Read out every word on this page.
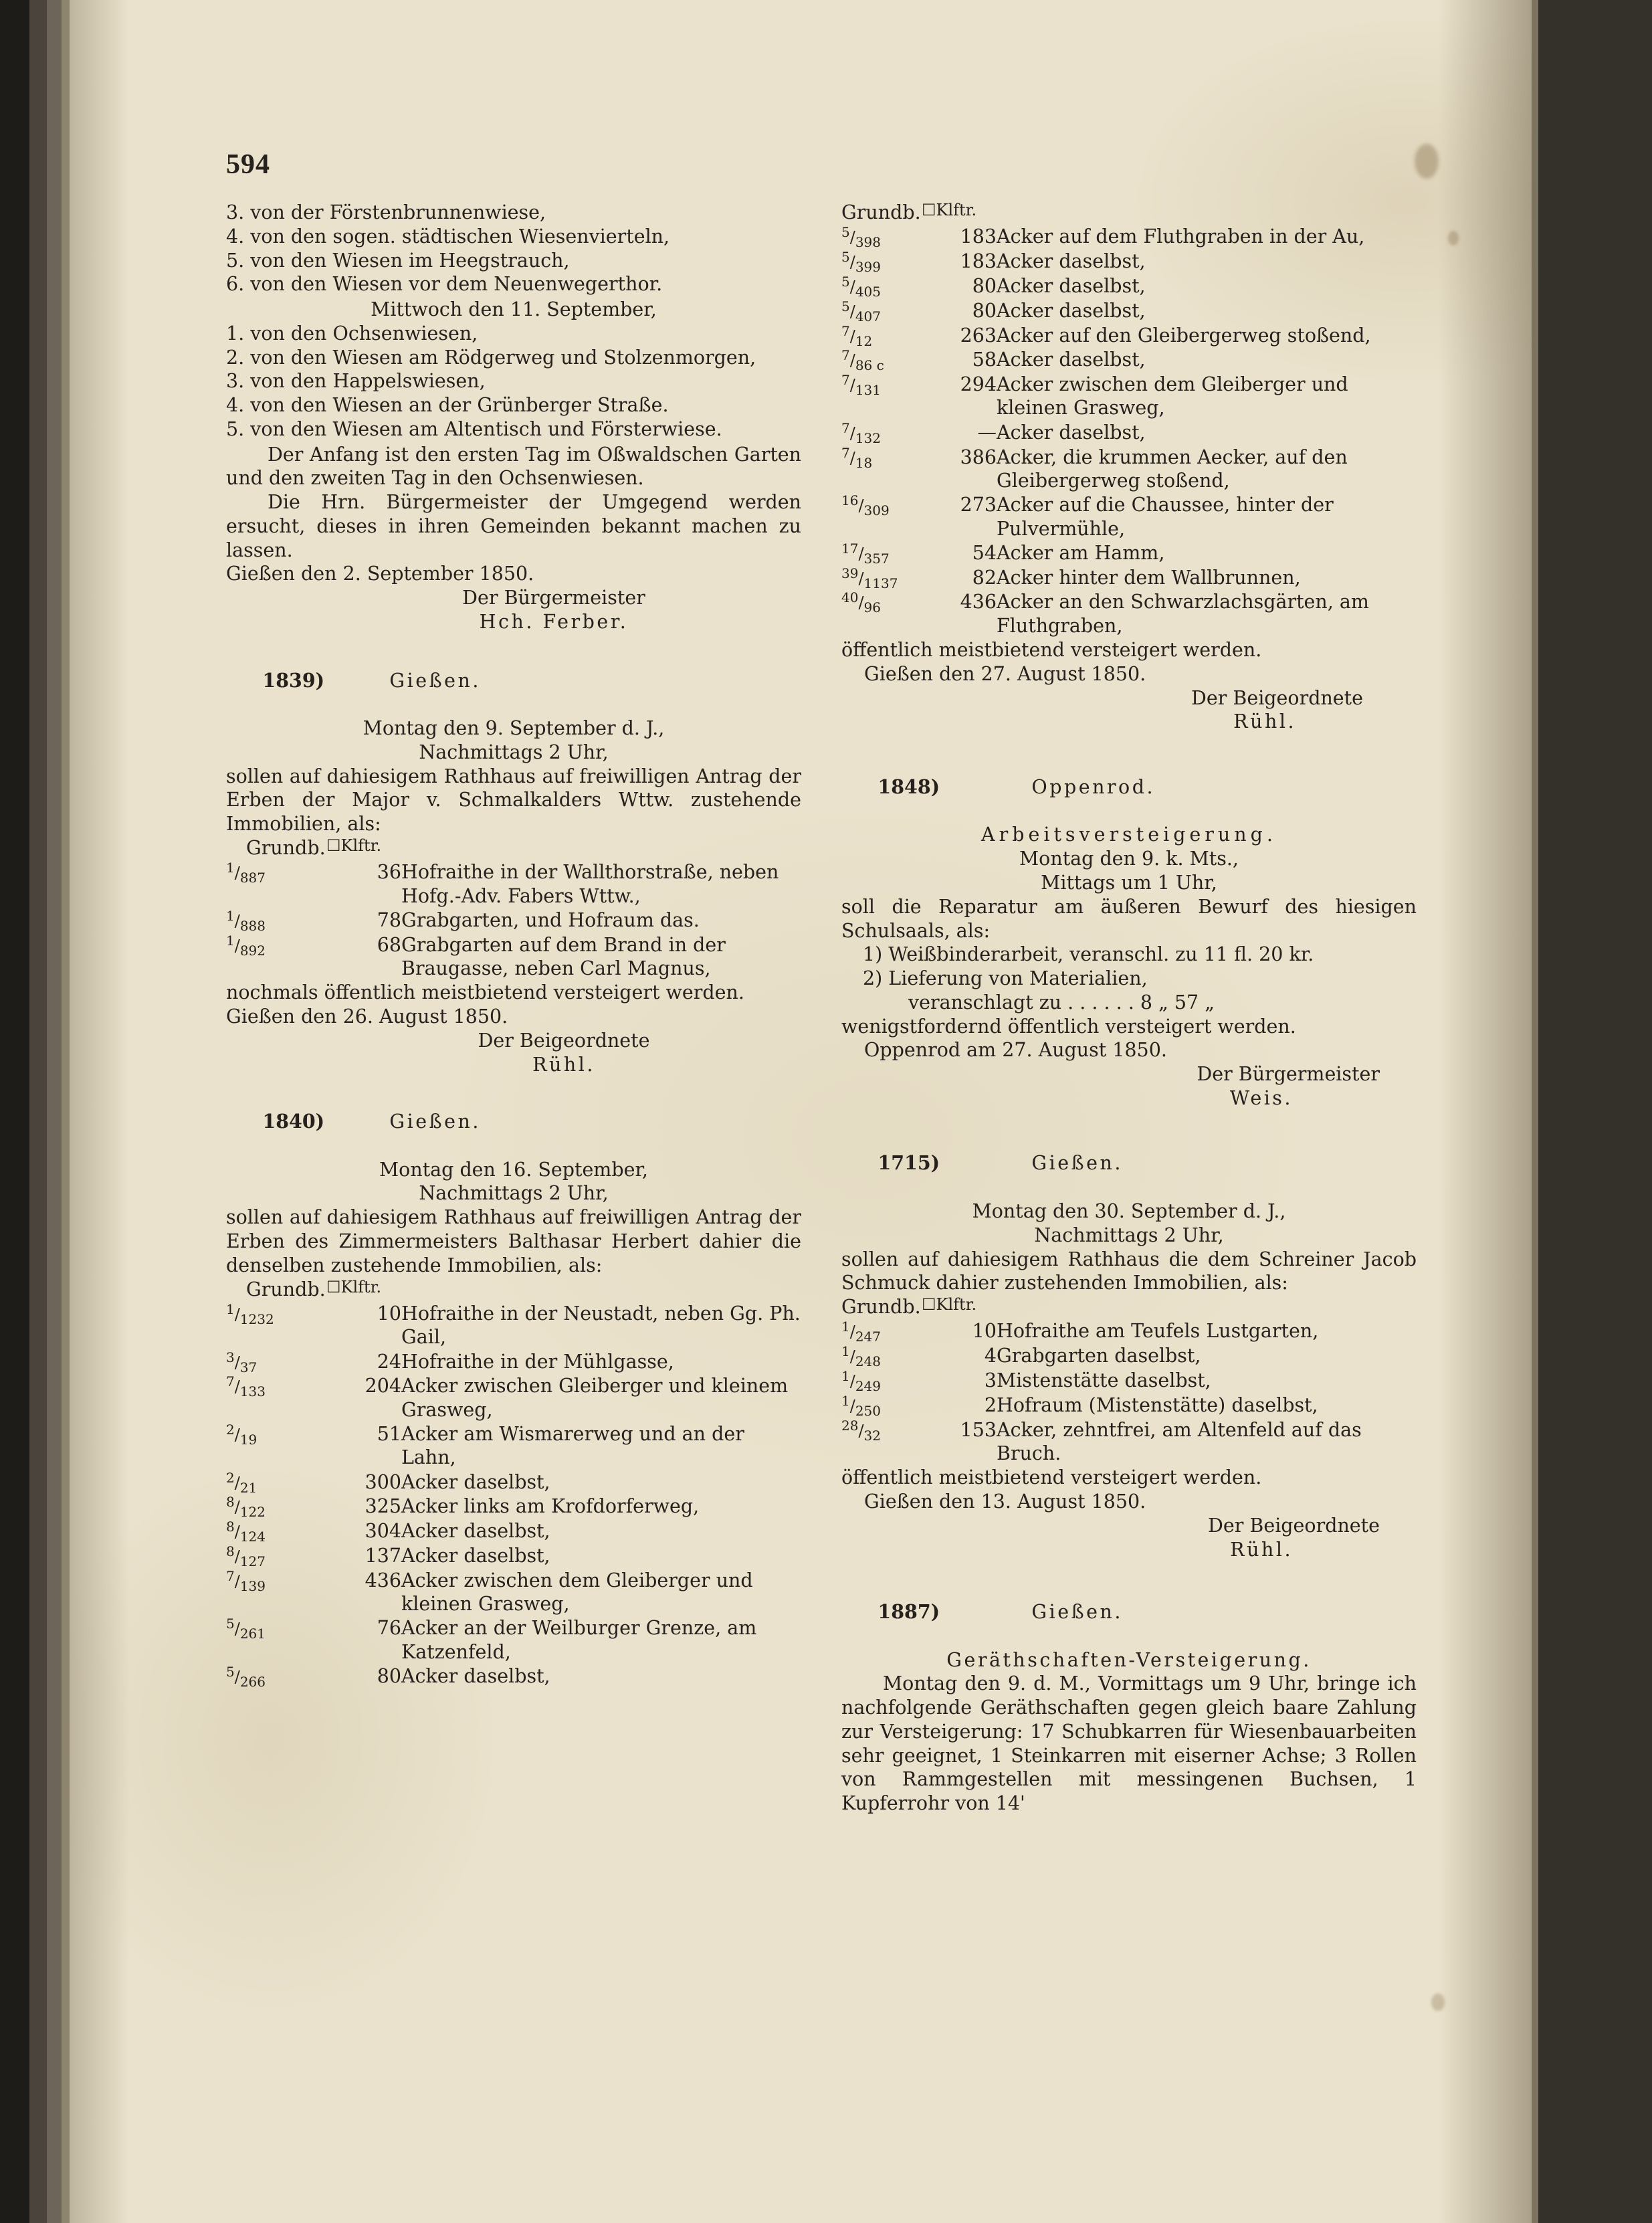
594
3. von der Förstenbrunnenwiese,
4. von den sogen. städtischen Wiesenvierteln,
5. von den Wiesen im Heegstrauch,
6. von den Wiesen vor dem Neuenwegerthor.
Mittwoch den 11. September,
1. von den Ochsenwiesen,
2. von den Wiesen am Rödgerweg und Stolzenmorgen,
3. von den Happelswiesen,
4. von den Wiesen an der Grünberger Straße.
5. von den Wiesen am Altentisch und Försterwiese.
Der Anfang ist den ersten Tag im Oßwaldschen Garten und den zweiten Tag in den Ochsenwiesen.
Die Hrn. Bürgermeister der Umgegend werden ersucht, dieses in ihren Gemeinden bekannt machen zu lassen.
Gießen den 2. September 1850.
Der Bürgermeister
Hch. Ferber.

1839)	Gießen.

Montag den 9. September d. J.,
Nachmittags 2 Uhr,
sollen auf dahiesigem Rathhaus auf freiwilligen Antrag der Erben der Major v. Schmalkalders Wttw. zustehende Immobilien, als:
Grundb.	☐Klftr.	
$^1/_{887}$	36	Hofraithe in der Wallthorstraße, neben Hofg.-Adv. Fabers Wttw.,
$^1/_{888}$	78	Grabgarten, und Hofraum das.
$^1/_{892}$	68	Grabgarten auf dem Brand in der Braugasse, neben Carl Magnus,
nochmals öffentlich meistbietend versteigert werden.
Gießen den 26. August 1850.
Der Beigeordnete
Rühl.

1840)	Gießen.

Montag den 16. September,
Nachmittags 2 Uhr,
sollen auf dahiesigem Rathhaus auf freiwilligen Antrag der Erben des Zimmermeisters Balthasar Herbert dahier die denselben zustehende Immobilien, als:
Grundb.	☐Klftr.	
$^1/_{1232}$	10	Hofraithe in der Neustadt, neben Gg. Ph. Gail,
$^3/_{37}$	24	Hofraithe in der Mühlgasse,
$^7/_{133}$	204	Acker zwischen Gleiberger und kleinem Grasweg,
$^2/_{19}$	51	Acker am Wismarerweg und an der Lahn,
$^2/_{21}$	300	Acker daselbst,
$^8/_{122}$	325	Acker links am Krofdorferweg,
$^8/_{124}$	304	Acker daselbst,
$^8/_{127}$	137	Acker daselbst,
$^7/_{139}$	436	Acker zwischen dem Gleiberger und kleinen Grasweg,
$^5/_{261}$	76	Acker an der Weilburger Grenze, am Katzenfeld,
$^5/_{266}$	80	Acker daselbst,
Grundb.	☐Klftr.	
$^5/_{398}$	183	Acker auf dem Fluthgraben in der Au,
$^5/_{399}$	183	Acker daselbst,
$^5/_{405}$	80	Acker daselbst,
$^5/_{407}$	80	Acker daselbst,
$^7/_{12}$	263	Acker auf den Gleibergerweg stoßend,
$^7/_{86 c}$	58	Acker daselbst,
$^7/_{131}$	294	Acker zwischen dem Gleiberger und kleinen Grasweg,
$^7/_{132}$	—	Acker daselbst,
$^7/_{18}$	386	Acker, die krummen Aecker, auf den Gleibergerweg stoßend,
$^{16}/_{309}$	273	Acker auf die Chaussee, hinter der Pulvermühle,
$^{17}/_{357}$	54	Acker am Hamm,
$^{39}/_{1137}$	82	Acker hinter dem Wallbrunnen,
$^{40}/_{96}$	436	Acker an den Schwarzlachsgärten, am Fluthgraben,
öffentlich meistbietend versteigert werden.
Gießen den 27. August 1850.
Der Beigeordnete
Rühl.

1848)	Oppenrod.

Arbeitsversteigerung.
Montag den 9. k. Mts.,
Mittags um 1 Uhr,
soll die Reparatur am äußeren Bewurf des hiesigen Schulsaals, als:
1) Weißbinderarbeit, veranschl. zu 11 fl. 20 kr.
2) Lieferung von Materialien,
veranschlagt zu . . . . . . 8 „ 57 „
wenigstfordernd öffentlich versteigert werden.
Oppenrod am 27. August 1850.
Der Bürgermeister
Weis.

1715)	Gießen.

Montag den 30. September d. J.,
Nachmittags 2 Uhr,
sollen auf dahiesigem Rathhaus die dem Schreiner Jacob Schmuck dahier zustehenden Immobilien, als:
Grundb.	☐Klftr.	
$^1/_{247}$	10	Hofraithe am Teufels Lustgarten,
$^1/_{248}$	4	Grabgarten daselbst,
$^1/_{249}$	3	Mistenstätte daselbst,
$^1/_{250}$	2	Hofraum (Mistenstätte) daselbst,
$^{28}/_{32}$	153	Acker, zehntfrei, am Altenfeld auf das Bruch.
öffentlich meistbietend versteigert werden.
Gießen den 13. August 1850.
Der Beigeordnete
Rühl.

1887)	Gießen.

Geräthschaften-Versteigerung.
Montag den 9. d. M., Vormittags um 9 Uhr, bringe ich nachfolgende Geräthschaften gegen gleich baare Zahlung zur Versteigerung: 17 Schubkarren für Wiesenbauarbeiten sehr geeignet, 1 Steinkarren mit eiserner Achse; 3 Rollen von Rammgestellen mit messingenen Buchsen, 1 Kupferrohr von 14'
